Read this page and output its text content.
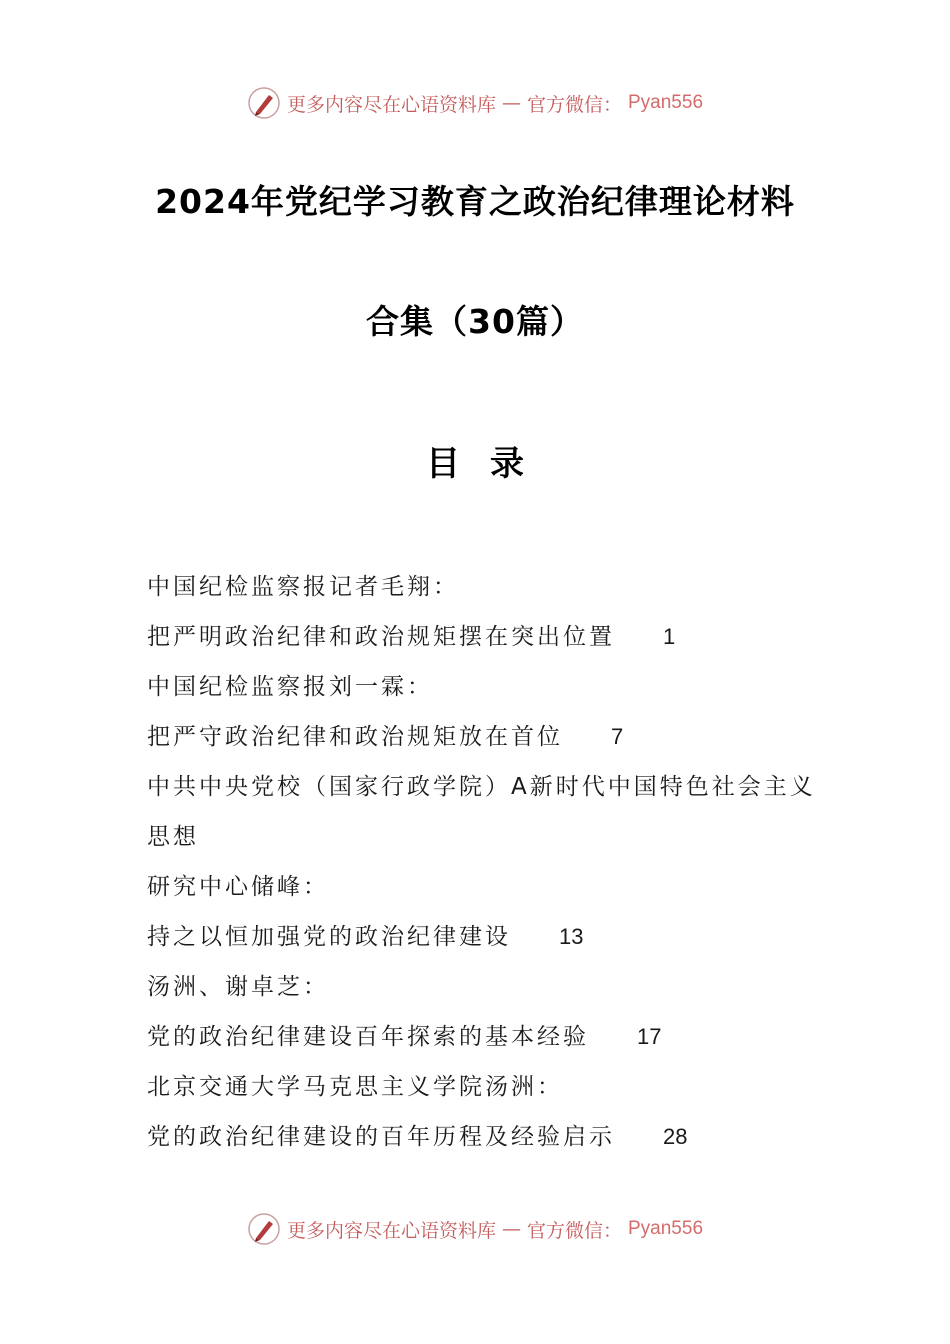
更多内容尽在心语资料库 — 官方微信： Pyan556
2024年党纪学习教育之政治纪律理论材料
合集（30篇）
目录
中国纪检监察报记者毛翔：
把严明政治纪律和政治规矩摆在突出位置 1
中国纪检监察报刘一霖：
把严守政治纪律和政治规矩放在首位 7
中共中央党校（国家行政学院）A新时代中国特色社会主义
思想
研究中心储峰：
持之以恒加强党的政治纪律建设 13
汤洲、谢卓芝：
党的政治纪律建设百年探索的基本经验 17
北京交通大学马克思主义学院汤洲：
党的政治纪律建设的百年历程及经验启示 28
更多内容尽在心语资料库 — 官方微信： Pyan556
